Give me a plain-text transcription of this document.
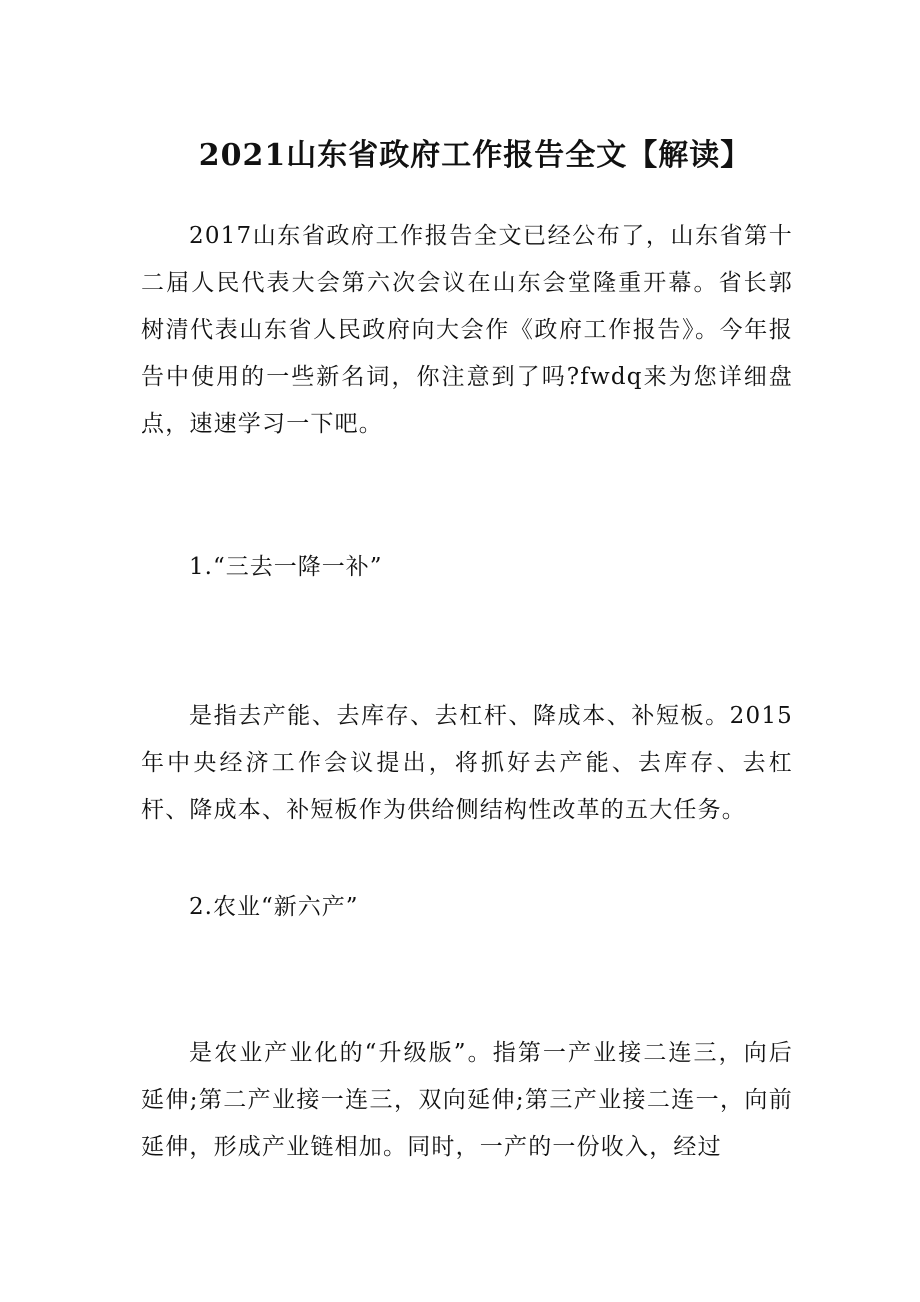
2021山东省政府工作报告全文【解读】

2017山东省政府工作报告全文已经公布了，山东省第十二届人民代表大会第六次会议在山东会堂隆重开幕。省长郭树清代表山东省人民政府向大会作《政府工作报告》。今年报告中使用的一些新名词，你注意到了吗?fwdq来为您详细盘点，速速学习一下吧。

1.“三去一降一补”

是指去产能、去库存、去杠杆、降成本、补短板。2015年中央经济工作会议提出，将抓好去产能、去库存、去杠杆、降成本、补短板作为供给侧结构性改革的五大任务。

2.农业“新六产”

是农业产业化的“升级版”。指第一产业接二连三，向后延伸;第二产业接一连三，双向延伸;第三产业接二连一，向前延伸，形成产业链相加。同时，一产的一份收入，经过
